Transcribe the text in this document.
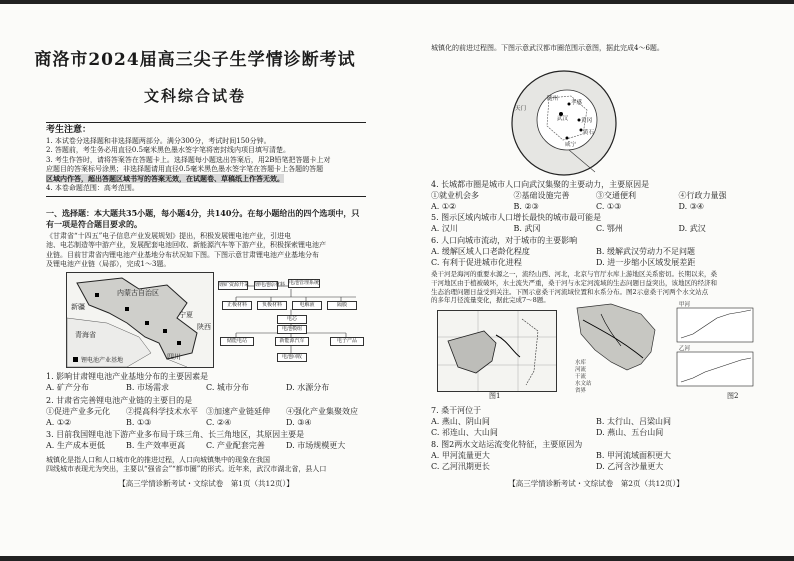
商洛市2024届高三尖子生学情诊断考试
文科综合试卷
考生注意：
1. 本试卷分选择题和非选择题两部分。满分300分，考试时间150分钟。
2. 答题前，考生务必用直径0.5毫米黑色墨水签字笔将密封线内项目填写清楚。
3. 考生作答时，请将答案答在答题卡上。选择题每小题选出答案后，用2B铅笔把答题卡上对
应题目的答案标号涂黑；非选择题请用直径0.5毫米黑色墨水签字笔在答题卡上各题的答题
区域内作答，超出答题区域书写的答案无效，在试题卷、草稿纸上作答无效。
4. 本卷命题范围：高考范围。
一、选择题：本大题共35小题，每小题4分，共140分。在每小题给出的四个选项中，只有一项是符合题目要求的。
《甘肃省“十四五”电子信息产业发展规划》提出，积极发展锂电池产业，引进电
池、电芯制造等中游产业，发展配套电池回收、新能源汽车等下游产业，积极探索锂电池产
业链。目前甘肃省内锂电池产业基地分布状况如下图。下图示意甘肃锂电池产业基地分布
及锂电池产业链（局部），完成1～3题。
内蒙古自治区
新疆
青海省
宁夏
陕西
四川
锂电池产业基地
锂矿资源开采 锂电池原材料 电池管理系统
正极材料	负极材料	电解液	隔膜
电芯
电池模组
储能电站	新能源汽车	电子产品
电池回收
1. 影响甘肃锂电池产业基地分布的主要因素是
A. 矿产分布	B. 市场需求	C. 城市分布	D. 水源分布
2. 甘肃省完善锂电池产业链的主要目的是
①促进产业多元化	②提高科学技术水平	③加速产业链延伸	④强化产业集聚效应
A. ①②	B. ①③	C. ②④	D. ③④
3. 目前我国锂电池下游产业多布局于珠三角、长三角地区，其原因主要是
A. 生产成本更低	B. 生产效率更高	C. 产业配套完善	D. 市场规模更大
城镇化是指人口和人口城市化的推进过程，人口向城镇集中的现象在我国
四线城市表现尤为突出，主要以“强省会”“都市圈”的形式。近年来，武汉市湖北省，县人口
【高三学情诊断考试・文综试卷　第1页（共12页）】
城镇化的前进过程图。下图示意武汉都市圈范围示意图，据此完成4～6题。
孝感
武汉 黄冈
黄石
咸宁
随州
天门
4. 长城都市圈是城市人口向武汉集聚的主要动力，主要原因是
①就业机会多	②基础设施完善	③交通便利	④行政力量强
A. ①②	B. ②③	C. ①③	D. ③④
5. 图示区域内城市人口增长最快的城市最可能是
A. 汉川	B. 武冈	C. 鄂州	D. 武汉
6. 人口向城市流动，对于城市的主要影响
A. 缓解区域人口老龄化程度	B. 缓解武汉劳动力不足问题
C. 有利于促进城市化进程	D. 进一步缩小区域发展差距
桑干河是海河的重要水源之一，流经山西、河北，北京与官厅水库上游地区关系密切。长期以来，桑
干河地区由于植被破坏，水土流失严重，桑干河与永定河流域的生态问题日益突出，该地区的经济和
生态治理问题日益受到关注。下图示意桑干河流域位置和水系分布。图2示意桑干河两个水文站点
的多年月径流量变化，据此完成7～8题。
图1
水库
河流
干流
水文站
省界
甲河
乙河
图2
7. 桑干河位于
A. 燕山、阴山间	B. 太行山、吕梁山间
C. 祁连山、大山间	D. 燕山、五台山间
8. 图2两水文站运流变化特征，主要原因为
A. 甲河流量更大	B. 甲河流域面积更大
C. 乙河汛期更长	D. 乙河含沙量更大
【高三学情诊断考试・文综试卷　第2页（共12页）】
